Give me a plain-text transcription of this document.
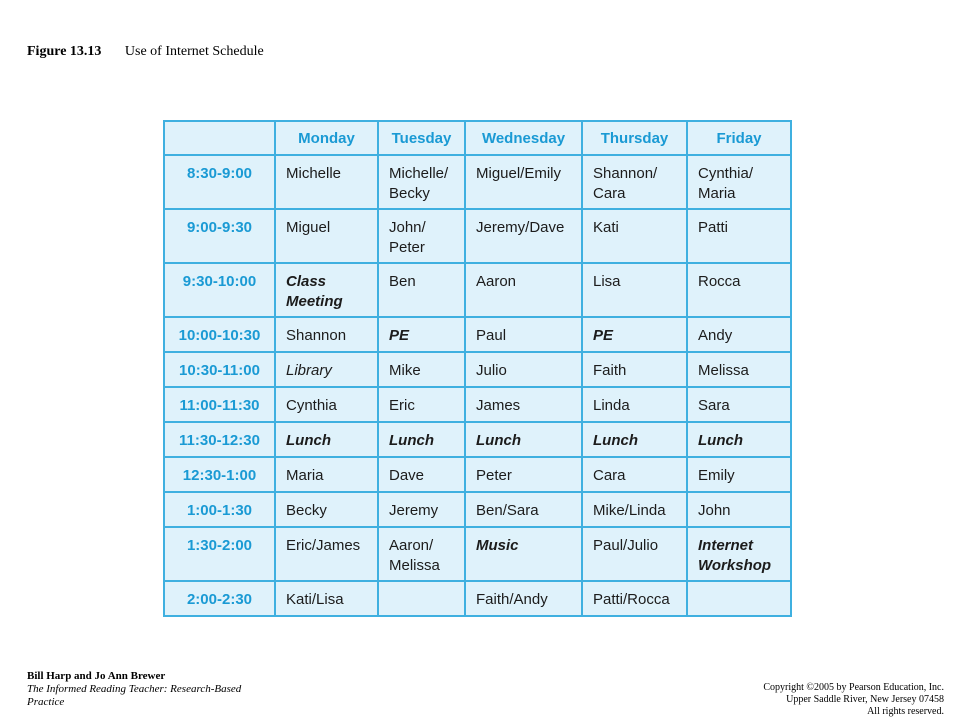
Figure 13.13 Use of Internet Schedule
	Monday	Tuesday	Wednesday	Thursday	Friday
8:30-9:00	Michelle	Michelle/ Becky	Miguel/Emily	Shannon/ Cara	Cynthia/ Maria
9:00-9:30	Miguel	John/ Peter	Jeremy/Dave	Kati	Patti
9:30-10:00	Class Meeting	Ben	Aaron	Lisa	Rocca
10:00-10:30	Shannon	PE	Paul	PE	Andy
10:30-11:00	Library	Mike	Julio	Faith	Melissa
11:00-11:30	Cynthia	Eric	James	Linda	Sara
11:30-12:30	Lunch	Lunch	Lunch	Lunch	Lunch
12:30-1:00	Maria	Dave	Peter	Cara	Emily
1:00-1:30	Becky	Jeremy	Ben/Sara	Mike/Linda	John
1:30-2:00	Eric/James	Aaron/ Melissa	Music	Paul/Julio	Internet Workshop
2:00-2:30	Kati/Lisa		Faith/Andy	Patti/Rocca	
Bill Harp and Jo Ann Brewer
The Informed Reading Teacher: Research-Based Practice
Copyright ©2005 by Pearson Education, Inc.
Upper Saddle River, New Jersey 07458
All rights reserved.
